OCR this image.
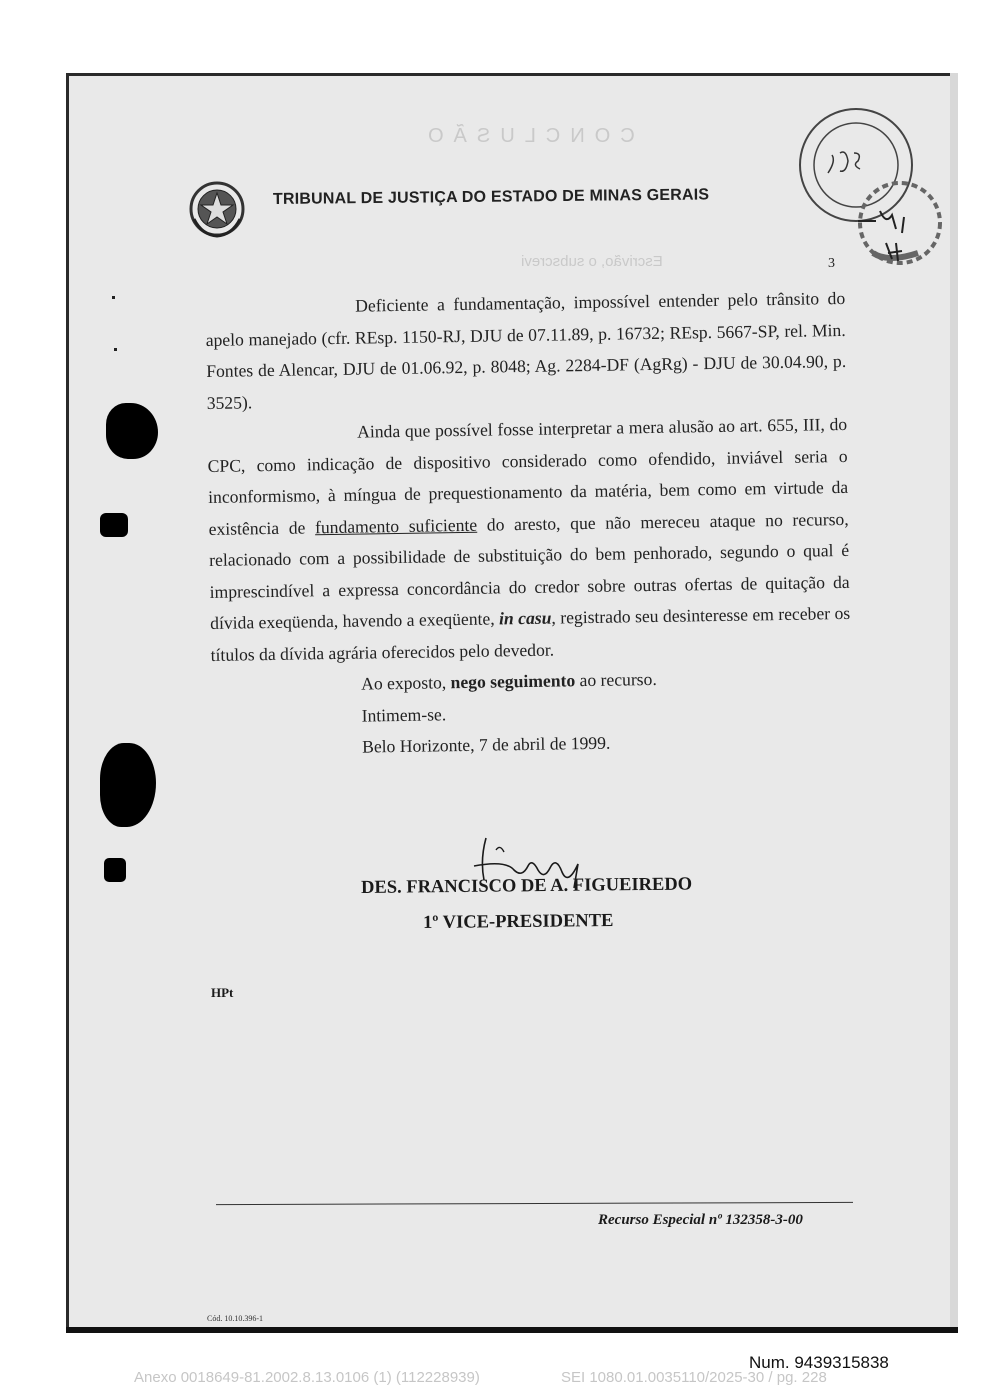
CONCLUSÃO
Escrivão, o subscrevi
TRIBUNAL DE JUSTIÇA DO ESTADO DE MINAS GERAIS
3

Deficiente a fundamentação, impossível entender pelo trânsito do apelo manejado (cfr. REsp. 1150-RJ, DJU de 07.11.89, p. 16732; REsp. 5667-SP, rel. Min. Fontes de Alencar, DJU de 01.06.92, p. 8048; Ag. 2284-DF (AgRg) - DJU de 30.04.90, p. 3525).

Ainda que possível fosse interpretar a mera alusão ao art. 655, III, do CPC, como indicação de dispositivo considerado como ofendido, inviável seria o inconformismo, à míngua de prequestionamento da matéria, bem como em virtude da existência de fundamento suficiente do aresto, que não mereceu ataque no recurso, relacionado com a possibilidade de substituição do bem penhorado, segundo o qual é imprescindível a expressa concordância do credor sobre outras ofertas de quitação da dívida exeqüenda, havendo a exeqüente, in casu, registrado seu desinteresse em receber os títulos da dívida agrária oferecidos pelo devedor.

Ao exposto, nego seguimento ao recurso.
Intimem-se.
Belo Horizonte, 7 de abril de 1999.
DES. FRANCISCO DE A. FIGUEIREDO
1º VICE-PRESIDENTE
HPt
Recurso Especial nº 132358-3-00
Cód. 10.10.396-1
Num. 9439315838
Anexo 0018649-81.2002.8.13.0106 (1) (112228939)	SEI 1080.01.0035110/2025-30 / pg. 228
